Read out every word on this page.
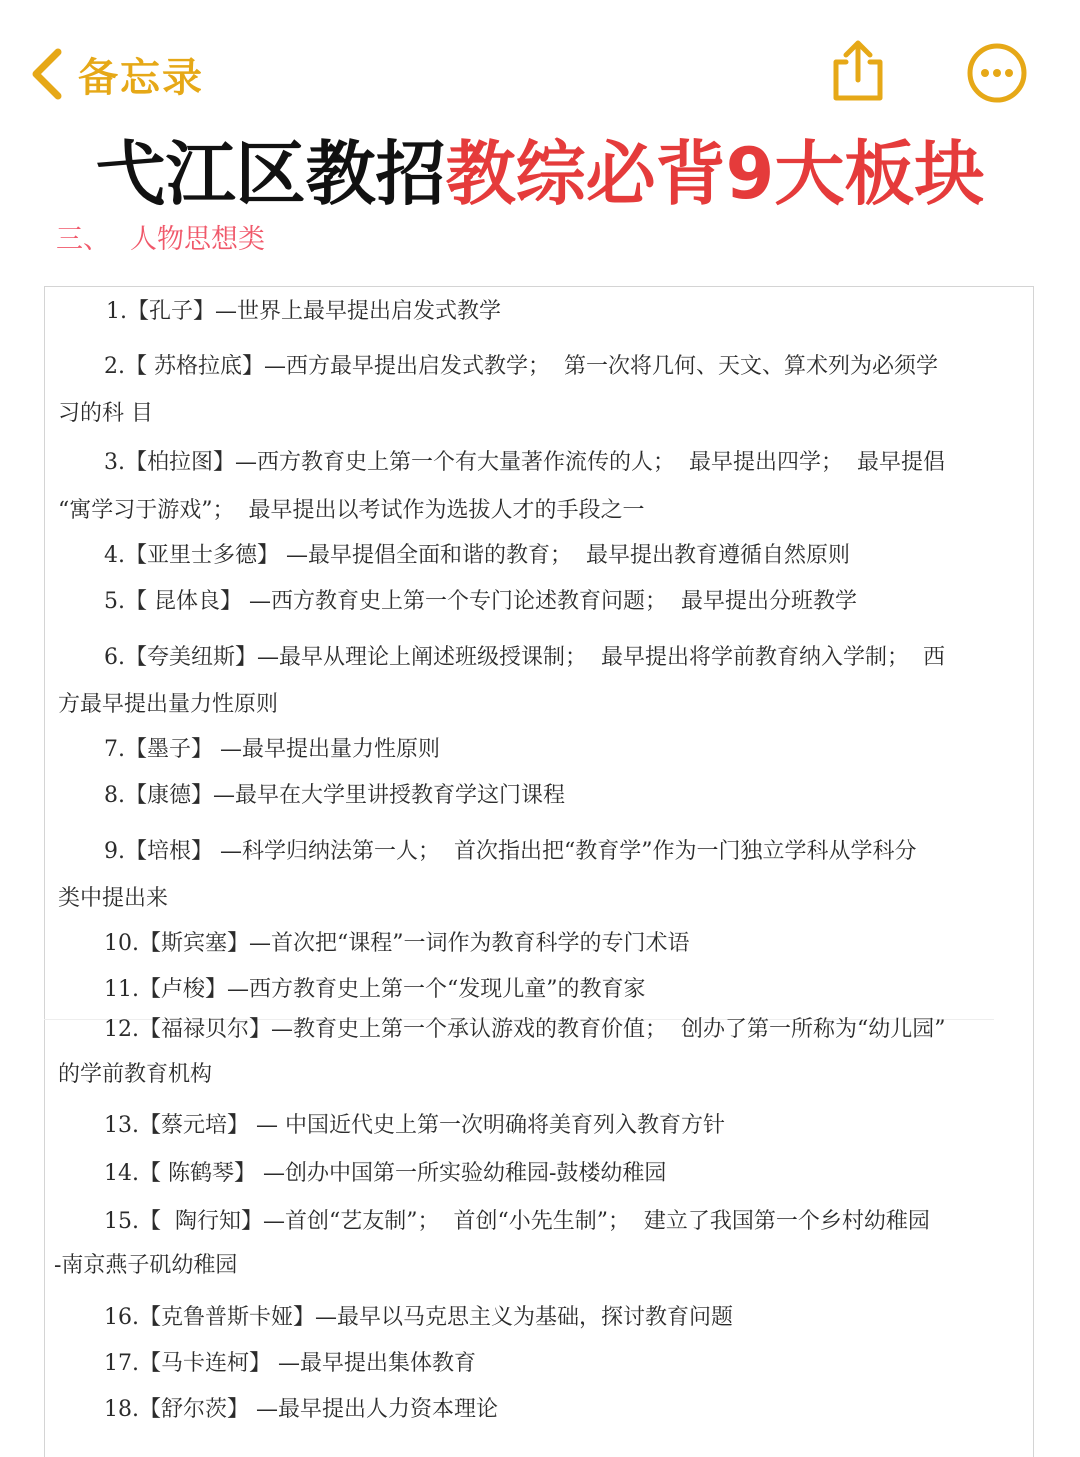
备忘录
弋江区教招教综必背9大板块
三、 人物思想类
1.【孔子】—世界上最早提出启发式教学
2.【 苏格拉底】—西方最早提出启发式教学；  第一次将几何、天文、算术列为必须学
习的科 目
3.【柏拉图】—西方教育史上第一个有大量著作流传的人；  最早提出四学；  最早提倡
“寓学习于游戏”；  最早提出以考试作为选拔人才的手段之一
4.【亚里士多德】 —最早提倡全面和谐的教育；  最早提出教育遵循自然原则
5.【 昆体良】 —西方教育史上第一个专门论述教育问题；  最早提出分班教学
6.【夸美纽斯】—最早从理论上阐述班级授课制；  最早提出将学前教育纳入学制；  西
方最早提出量力性原则
7.【墨子】 —最早提出量力性原则
8.【康德】—最早在大学里讲授教育学这门课程
9.【培根】 —科学归纳法第一人；  首次指出把“教育学”作为一门独立学科从学科分
类中提出来
10.【斯宾塞】—首次把“课程”一词作为教育科学的专门术语
11.【卢梭】—西方教育史上第一个“发现儿童”的教育家
12.【福禄贝尔】—教育史上第一个承认游戏的教育价值；  创办了第一所称为“幼儿园”
的学前教育机构
13.【蔡元培】 — 中国近代史上第一次明确将美育列入教育方针
14.【 陈鹤琴】 —创办中国第一所实验幼稚园-鼓楼幼稚园
15.【  陶行知】—首创“艺友制”；  首创“小先生制”；  建立了我国第一个乡村幼稚园
-南京燕子矶幼稚园
16.【克鲁普斯卡娅】—最早以马克思主义为基础，探讨教育问题
17.【马卡连柯】 —最早提出集体教育
18.【舒尔茨】 —最早提出人力资本理论
